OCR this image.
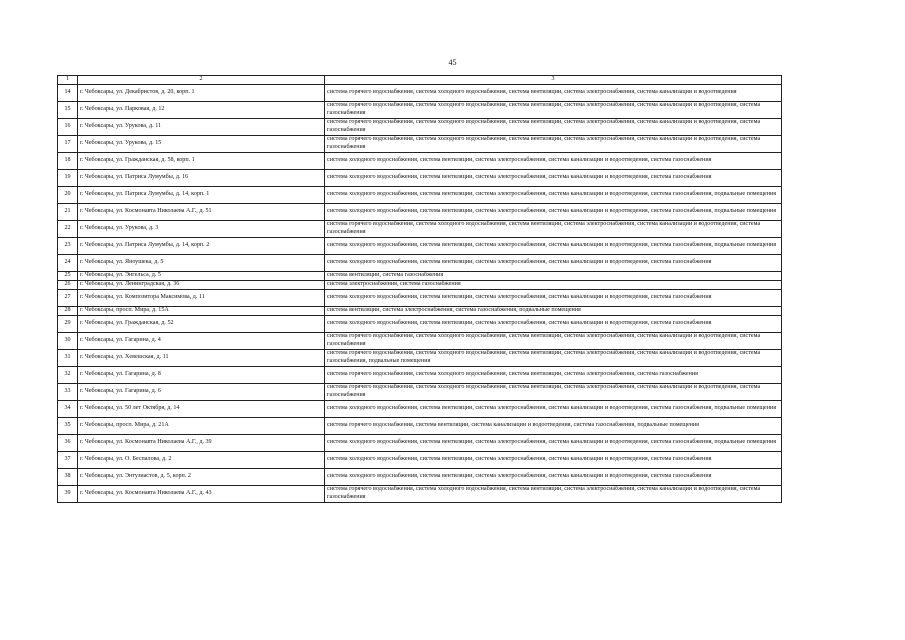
45
1	2	3
14	г. Чебоксары, ул. Декабристов, д. 20, корп. 1	система горячего водоснабжения, система холодного водоснабжения, система вентиляции, система электроснабжения, система канализации и водоотведения
15	г. Чебоксары, ул. Парковая, д. 12	система горячего водоснабжения, система холодного водоснабжения, система вентиляции, система электроснабжения, система канализации и водоотведения, система газоснабжения
16	г. Чебоксары, ул. Урукова, д. 11	система горячего водоснабжения, система холодного водоснабжения, система вентиляции, система электроснабжения, система канализации и водоотведения, система газоснабжения
17	г. Чебоксары, ул. Урукова, д. 15	система горячего водоснабжения, система холодного водоснабжения, система вентиляции, система электроснабжения, система канализации и водоотведения, система газоснабжения
18	г. Чебоксары, ул. Гражданская, д. 58, корп. 1	система холодного водоснабжения, система вентиляции, система электроснабжения, система канализации и водоотведения, система газоснабжения
19	г. Чебоксары, ул. Патриса Лумумбы, д. 16	система холодного водоснабжения, система вентиляции, система электроснабжения, система канализации и водоотведения, система газоснабжения
20	г. Чебоксары, ул. Патриса Лумумбы, д. 14, корп. 1	система холодного водоснабжения, система вентиляции, система электроснабжения, система канализации и водоотведения, система газоснабжения, подвальные помещения
21	г. Чебоксары, ул. Космонавта Николаева А.Г., д. 51	система холодного водоснабжения, система вентиляции, система электроснабжения, система канализации и водоотведения, система газоснабжения, подвальные помещения
22	г. Чебоксары, ул. Урукова, д. 3	система горячего водоснабжения, система холодного водоснабжения, система вентиляции, система электроснабжения, система канализации и водоотведения, система газоснабжения
23	г. Чебоксары, ул. Патриса Лумумбы, д. 14, корп. 2	система холодного водоснабжения, система вентиляции, система электроснабжения, система канализации и водоотведения, система газоснабжения, подвальные помещения
24	г. Чебоксары, ул. Яноушека, д. 5	система холодного водоснабжения, система вентиляции, система электроснабжения, система канализации и водоотведения, система газоснабжения
25	г. Чебоксары, ул. Энгельса, д. 5	система вентиляции, система газоснабжения
26	г. Чебоксары, ул. Ленинградская, д. 36	система электроснабжения, система газоснабжения
27	г. Чебоксары, ул. Композитора Максимова, д. 11	система холодного водоснабжения, система вентиляции, система электроснабжения, система канализации и водоотведения, система газоснабжения
28	г. Чебоксары, просп. Мира, д. 15А	система вентиляции, система электроснабжения, система газоснабжения, подвальные помещения
29	г. Чебоксары, ул. Гражданская, д. 52	система холодного водоснабжения, система вентиляции, система электроснабжения, система канализации и водоотведения, система газоснабжения
30	г. Чебоксары, ул. Гагарина, д. 4	система горячего водоснабжения, система холодного водоснабжения, система вентиляции, система электроснабжения, система канализации и водоотведения, система газоснабжения
31	г. Чебоксары, ул. Хевешская, д. 11	система горячего водоснабжения, система холодного водоснабжения, система вентиляции, система электроснабжения, система канализации и водоотведения, система газоснабжения, подвальные помещения
32	г. Чебоксары, ул. Гагарина, д. 8	система горячего водоснабжения, система холодного водоснабжения, система вентиляции, система электроснабжения, система газоснабжения
33	г. Чебоксары, ул. Гагарина, д. 6	система горячего водоснабжения, система холодного водоснабжения, система вентиляции, система электроснабжения, система канализации и водоотведения, система газоснабжения
34	г. Чебоксары, ул. 50 лет Октября, д. 14	система холодного водоснабжения, система вентиляции, система электроснабжения, система канализации и водоотведения, система газоснабжения, подвальные помещения
35	г. Чебоксары, просп. Мира, д. 21А	система горячего водоснабжения, система вентиляции, система канализации и водоотведения, система газоснабжения, подвальные помещения
36	г. Чебоксары, ул. Космонавта Николаева А.Г., д. 39	система холодного водоснабжения, система вентиляции, система электроснабжения, система канализации и водоотведения, система газоснабжения, подвальные помещения
37	г. Чебоксары, ул. О. Беспалова, д. 2	система холодного водоснабжения, система вентиляции, система электроснабжения, система канализации и водоотведения, система газоснабжения
38	г. Чебоксары, ул. Энтузиастов, д. 5, корп. 2	система холодного водоснабжения, система вентиляции, система электроснабжения, система канализации и водоотведения, система газоснабжения
39	г. Чебоксары, ул. Космонавта Николаева А.Г., д. 43	система горячего водоснабжения, система холодного водоснабжения, система вентиляции, система электроснабжения, система канализации и водоотведения, система газоснабжения
